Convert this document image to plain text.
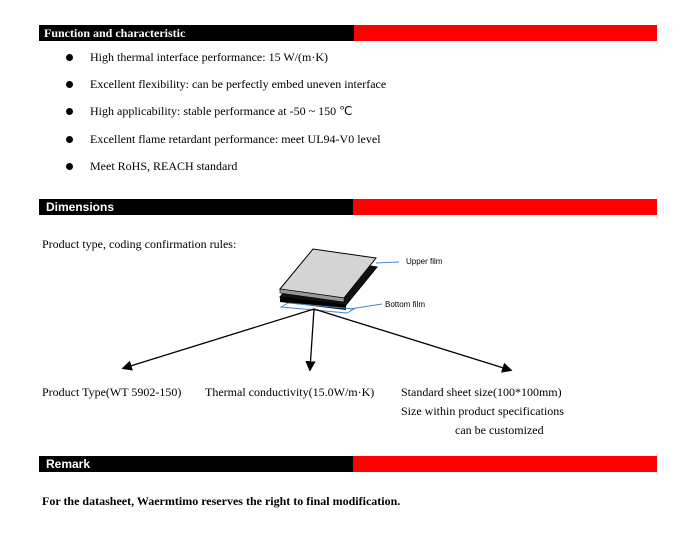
Function and characteristic
High thermal interface performance: 15 W/(m·K)
Excellent flexibility: can be perfectly embed uneven interface
High applicability: stable performance at -50 ~ 150 ℃
Excellent flame retardant performance: meet UL94-V0 level
Meet RoHS, REACH standard
Dimensions
Product type, coding confirmation rules:
Upper film
Bottom film
Product Type(WT 5902-150) Thermal conductivity(15.0W/m·K) Standard sheet size(100*100mm)
Size within product specifications
can be customized
Remark
For the datasheet, Waermtimo reserves the right to final modification.
